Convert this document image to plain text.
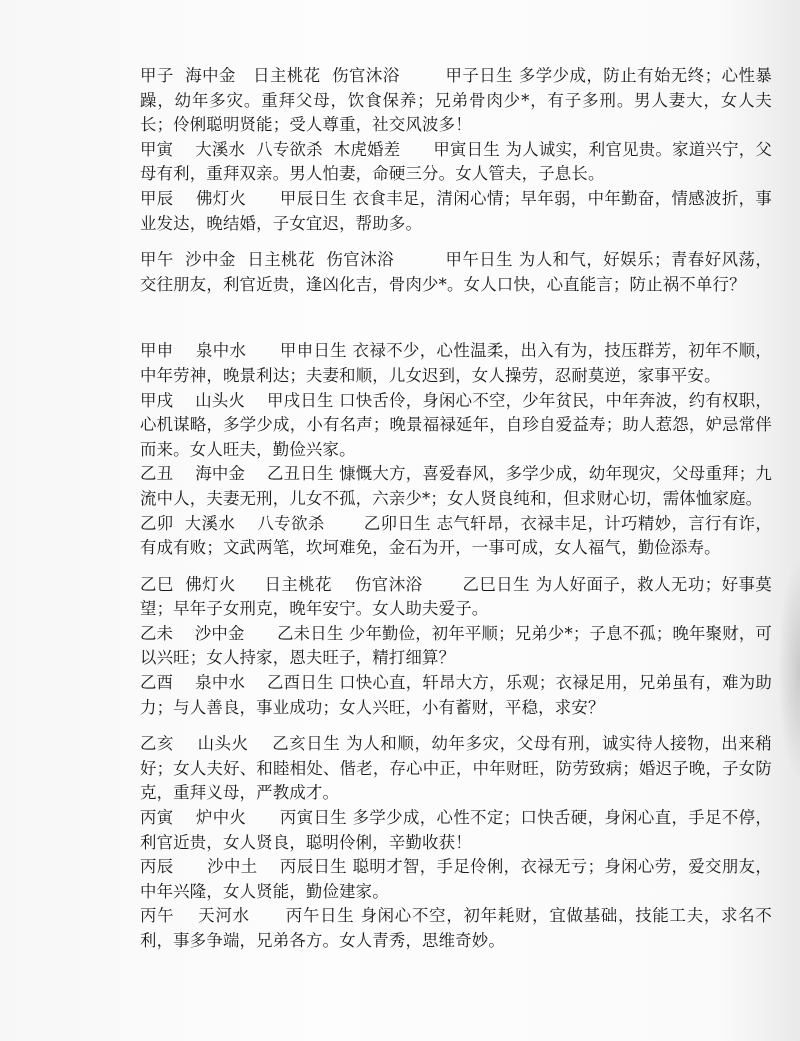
甲子  海中金   日主桃花  伤官沐浴        甲子日生 多学少成，防止有始无终；心性暴躁，幼年多灾。重拜父母，饮食保养；兄弟骨肉少*，有子多刑。男人妻大，女人夫长；伶俐聪明贤能；受人尊重，社交风波多！

甲寅    大溪水  八专欲杀  木虎婚差      甲寅日生 为人诚实，利官见贵。家道兴宁，父母有利，重拜双亲。男人怕妻，命硬三分。女人管夫，子息长。

甲辰    佛灯火      甲辰日生 衣食丰足，清闲心情；早年弱，中年勤奋，情感波折，事业发达，晚结婚，子女宜迟，帮助多。

甲午  沙中金  日主桃花  伤官沐浴         甲午日生 为人和气，好娱乐；青春好风荡，交往朋友，利官近贵，逢凶化吉，骨肉少*。女人口快，心直能言；防止祸不单行？

甲申    泉中水      甲申日生 衣禄不少，心性温柔，出入有为，技压群芳，初年不顺，中年劳神，晚景利达；夫妻和顺，儿女迟到，女人操劳，忍耐莫逆，家事平安。

甲戌    山头火    甲戌日生 口快舌伶，身闲心不空，少年贫民，中年奔波，约有权职，心机谋略，多学少成，小有名声；晚景福禄延年，自珍自爱益寿；助人惹怨，妒忌常伴而来。女人旺夫，勤俭兴家。

乙丑    海中金    乙丑日生 慷慨大方，喜爱春风，多学少成，幼年现灾，父母重拜；九流中人，夫妻无刑，儿女不孤，六亲少*；女人贤良纯和，但求财心切，需体恤家庭。

乙卯  大溪水    八专欲杀       乙卯日生 志气轩昂，衣禄丰足，计巧精妙，言行有诈，有成有败；文武两笔，坎坷难免，金石为开，一事可成，女人福气，勤俭添寿。

乙巳  佛灯火     日主桃花    伤官沐浴       乙巳日生 为人好面子，救人无功；好事莫望；早年子女刑克，晚年安宁。女人助夫爱子。

乙未    沙中金      乙未日生 少年勤俭，初年平顺；兄弟少*；子息不孤；晚年聚财，可以兴旺；女人持家，恩夫旺子，精打细算？

乙酉    泉中水    乙酉日生 口快心直，轩昂大方，乐观；衣禄足用，兄弟虽有，难为助力；与人善良，事业成功；女人兴旺，小有蓄财，平稳，求安？

乙亥    山头火    乙亥日生 为人和顺，幼年多灾，父母有刑，诚实待人接物，出来稍好；女人夫好、和睦相处、偕老，存心中正，中年财旺，防劳致病；婚迟子晚，子女防克，重拜义母，严教成才。

丙寅    炉中火      丙寅日生 多学少成，心性不定；口快舌硬，身闲心直，手足不停，利官近贵，女人贤良，聪明伶俐，辛勤收获！

丙辰      沙中土    丙辰日生 聪明才智，手足伶俐，衣禄无亏；身闲心劳，爱交朋友，中年兴隆，女人贤能，勤俭建家。

丙午    天河水      丙午日生 身闲心不空，初年耗财，宜做基础，技能工夫，求名不利，事多争端，兄弟各方。女人青秀，思维奇妙。
